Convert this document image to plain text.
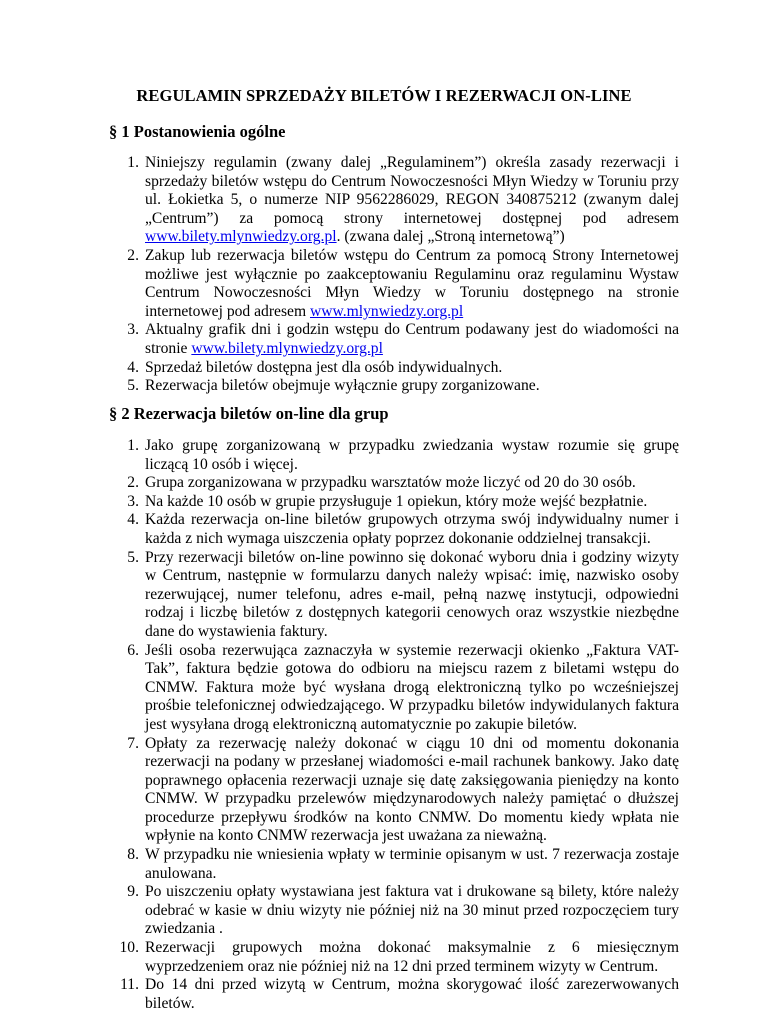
REGULAMIN SPRZEDAŻY BILETÓW I REZERWACJI ON-LINE
§ 1 Postanowienia ogólne
1. Niniejszy regulamin (zwany dalej „Regulaminem”) określa zasady rezerwacji i sprzedaży biletów wstępu do Centrum Nowoczesności Młyn Wiedzy w Toruniu przy ul. Łokietka 5, o numerze NIP 9562286029, REGON 340875212 (zwanym dalej „Centrum”) za pomocą strony internetowej dostępnej pod adresem www.bilety.mlynwiedzy.org.pl. (zwana dalej „Stroną internetową”)
2. Zakup lub rezerwacja biletów wstępu do Centrum za pomocą Strony Internetowej możliwe jest wyłącznie po zaakceptowaniu Regulaminu oraz regulaminu Wystaw Centrum Nowoczesności Młyn Wiedzy w Toruniu dostępnego na stronie internetowej pod adresem www.mlynwiedzy.org.pl
3. Aktualny grafik dni i godzin wstępu do Centrum podawany jest do wiadomości na stronie www.bilety.mlynwiedzy.org.pl
4. Sprzedaż biletów dostępna jest dla osób indywidualnych.
5. Rezerwacja biletów obejmuje wyłącznie grupy zorganizowane.
§ 2 Rezerwacja biletów on-line dla grup
1. Jako grupę zorganizowaną w przypadku zwiedzania wystaw rozumie się grupę liczącą 10 osób i więcej.
2. Grupa zorganizowana w przypadku warsztatów może liczyć od 20 do 30 osób.
3. Na każde 10 osób w grupie przysługuje 1 opiekun, który może wejść bezpłatnie.
4. Każda rezerwacja on-line biletów grupowych otrzyma swój indywidualny numer i każda z nich wymaga uiszczenia opłaty poprzez dokonanie oddzielnej transakcji.
5. Przy rezerwacji biletów on-line powinno się dokonać wyboru dnia i godziny wizyty w Centrum, następnie w formularzu danych należy wpisać: imię, nazwisko osoby rezerwującej, numer telefonu, adres e-mail, pełną nazwę instytucji, odpowiedni rodzaj i liczbę biletów z dostępnych kategorii cenowych oraz wszystkie niezbędne dane do wystawienia faktury.
6. Jeśli osoba rezerwująca zaznaczyła w systemie rezerwacji okienko „Faktura VAT-Tak”, faktura będzie gotowa do odbioru na miejscu razem z biletami wstępu do CNMW. Faktura może być wysłana drogą elektroniczną tylko po wcześniejszej prośbie telefonicznej odwiedzającego. W przypadku biletów indywidulanych faktura jest wysyłana drogą elektroniczną automatycznie po zakupie biletów.
7. Opłaty za rezerwację należy dokonać w ciągu 10 dni od momentu dokonania rezerwacji na podany w przesłanej wiadomości e-mail rachunek bankowy. Jako datę poprawnego opłacenia rezerwacji uznaje się datę zaksięgowania pieniędzy na konto CNMW. W przypadku przelewów międzynarodowych należy pamiętać o dłuższej procedurze przepływu środków na konto CNMW. Do momentu kiedy wpłata nie wpłynie na konto CNMW rezerwacja jest uważana za nieważną.
8. W przypadku nie wniesienia wpłaty w terminie opisanym w ust. 7 rezerwacja zostaje anulowana.
9. Po uiszczeniu opłaty wystawiana jest faktura vat i drukowane są bilety, które należy odebrać w kasie w dniu wizyty nie później niż na 30 minut przed rozpoczęciem tury zwiedzania .
10. Rezerwacji grupowych można dokonać maksymalnie z 6 miesięcznym wyprzedzeniem oraz nie później niż na 12 dni przed terminem wizyty w Centrum.
11. Do 14 dni przed wizytą w Centrum, można skorygować ilość zarezerwowanych biletów.
